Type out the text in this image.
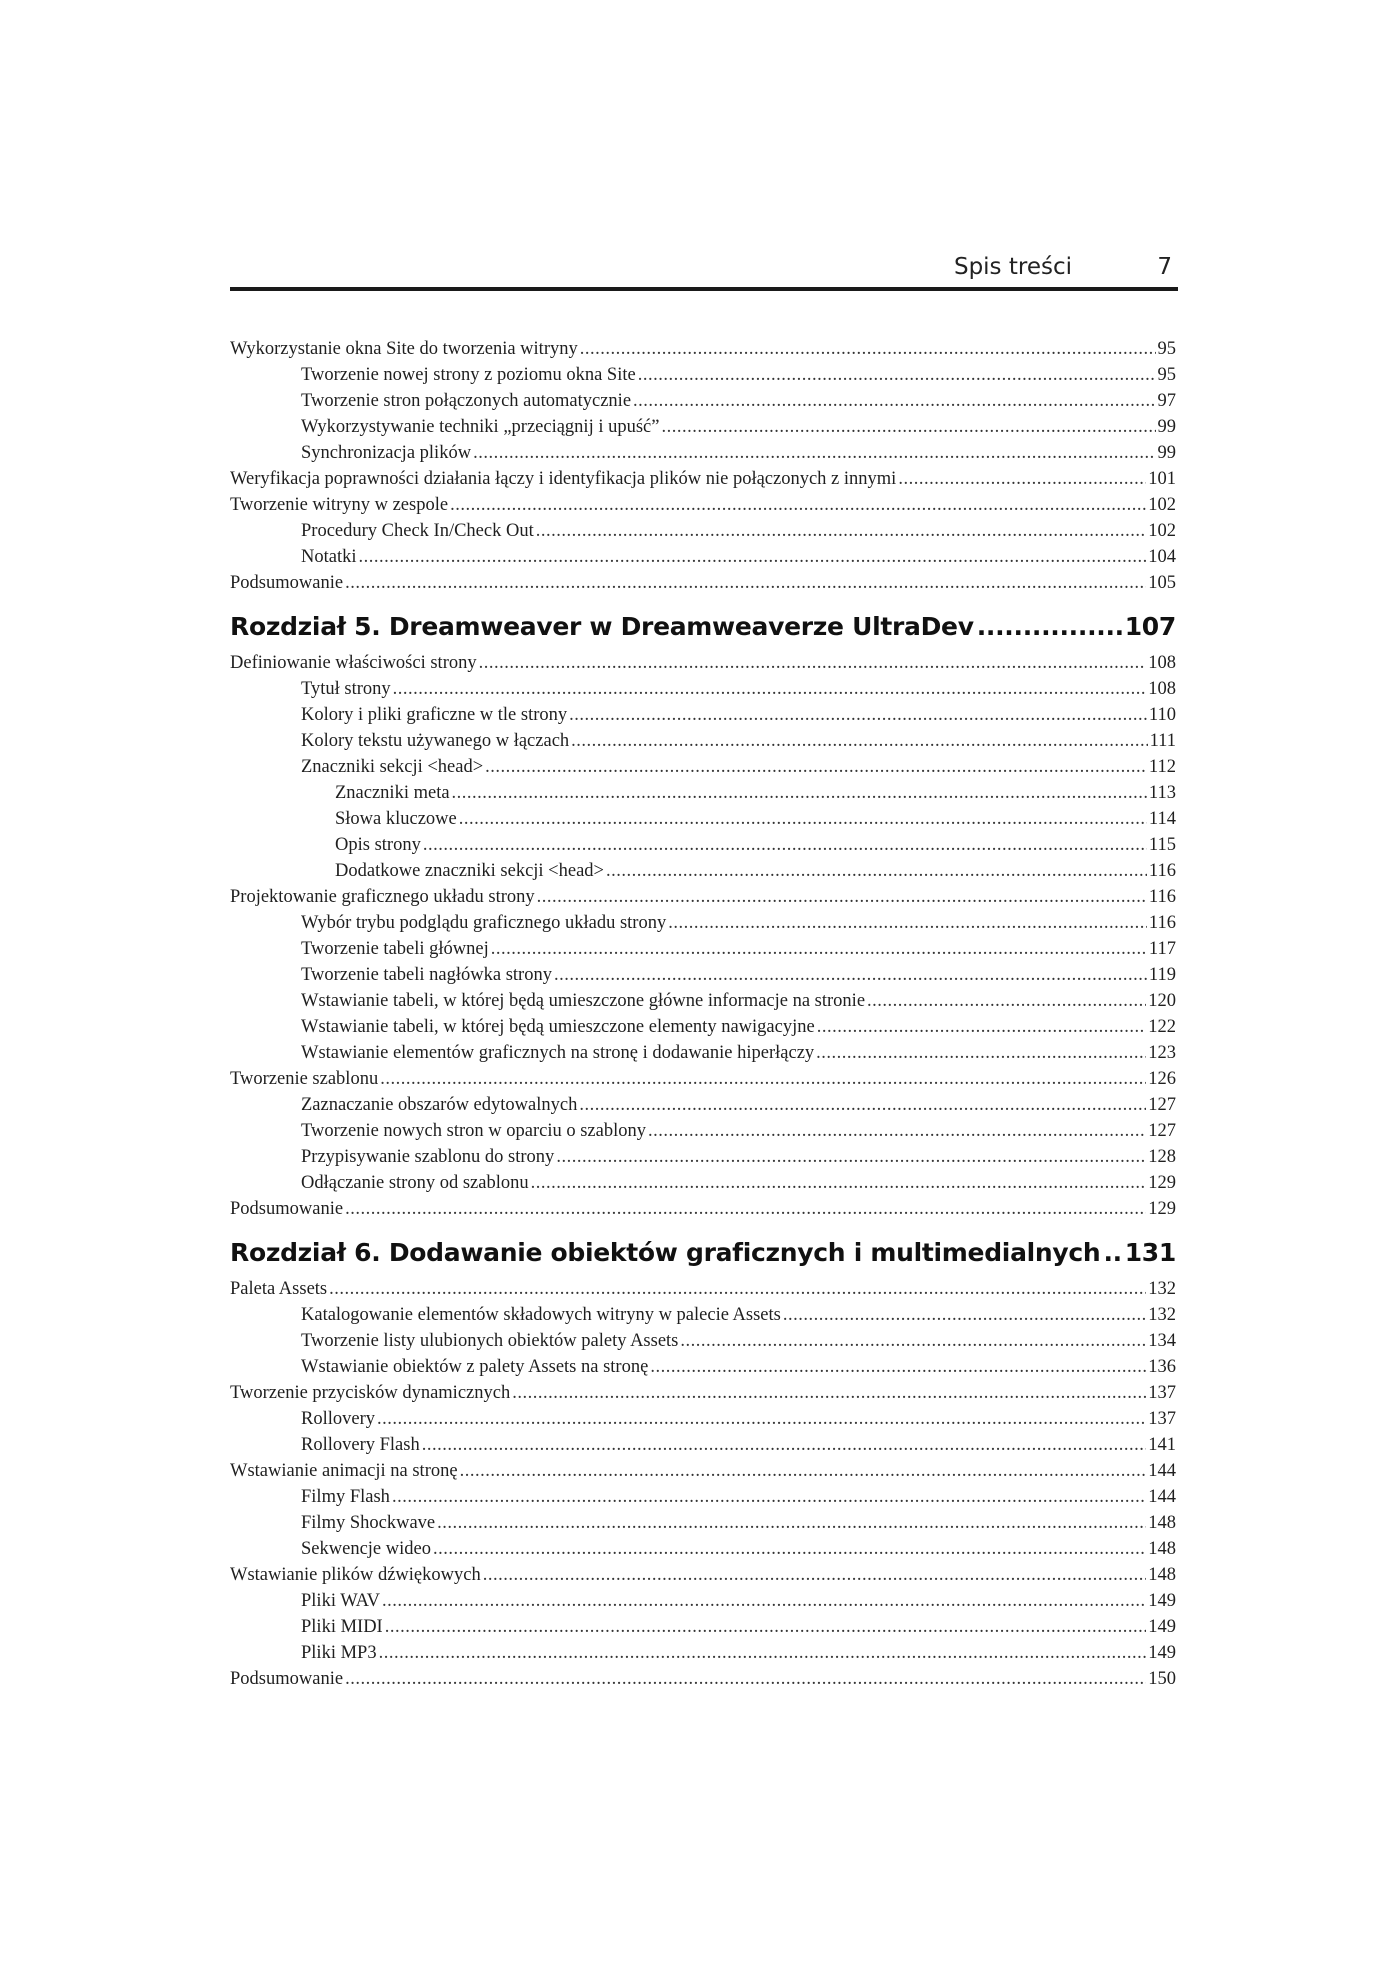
Spis treści	7
Wykorzystanie okna Site do tworzenia witryny .....	95
Tworzenie nowej strony z poziomu okna Site .....	95
Tworzenie stron połączonych automatycznie .....	97
Wykorzystywanie techniki „przeciągnij i upuść” .....	99
Synchronizacja plików .....	99
Weryfikacja poprawności działania łączy i identyfikacja plików nie połączonych z innymi .....	101
Tworzenie witryny w zespole .....	102
Procedury Check In/Check Out .....	102
Notatki .....	104
Podsumowanie .....	105
Rozdział 5. Dreamweaver w Dreamweaverze UltraDev .....	107
Definiowanie właściwości strony .....	108
Tytuł strony .....	108
Kolory i pliki graficzne w tle strony .....	110
Kolory tekstu używanego w łączach .....	111
Znaczniki sekcji <head> .....	112
Znaczniki meta .....	113
Słowa kluczowe .....	114
Opis strony .....	115
Dodatkowe znaczniki sekcji <head> .....	116
Projektowanie graficznego układu strony .....	116
Wybór trybu podglądu graficznego układu strony .....	116
Tworzenie tabeli głównej .....	117
Tworzenie tabeli nagłówka strony .....	119
Wstawianie tabeli, w której będą umieszczone główne informacje na stronie .....	120
Wstawianie tabeli, w której będą umieszczone elementy nawigacyjne .....	122
Wstawianie elementów graficznych na stronę i dodawanie hiperłączy .....	123
Tworzenie szablonu .....	126
Zaznaczanie obszarów edytowalnych .....	127
Tworzenie nowych stron w oparciu o szablony .....	127
Przypisywanie szablonu do strony .....	128
Odłączanie strony od szablonu .....	129
Podsumowanie .....	129
Rozdział 6. Dodawanie obiektów graficznych i multimedialnych ..... 131
Paleta Assets .....	132
Katalogowanie elementów składowych witryny w palecie Assets .....	132
Tworzenie listy ulubionych obiektów palety Assets .....	134
Wstawianie obiektów z palety Assets na stronę .....	136
Tworzenie przycisków dynamicznych .....	137
Rollovery .....	137
Rollovery Flash .....	141
Wstawianie animacji na stronę .....	144
Filmy Flash .....	144
Filmy Shockwave .....	148
Sekwencje wideo .....	148
Wstawianie plików dźwiękowych .....	148
Pliki WAV .....	149
Pliki MIDI .....	149
Pliki MP3 .....	149
Podsumowanie .....	150
